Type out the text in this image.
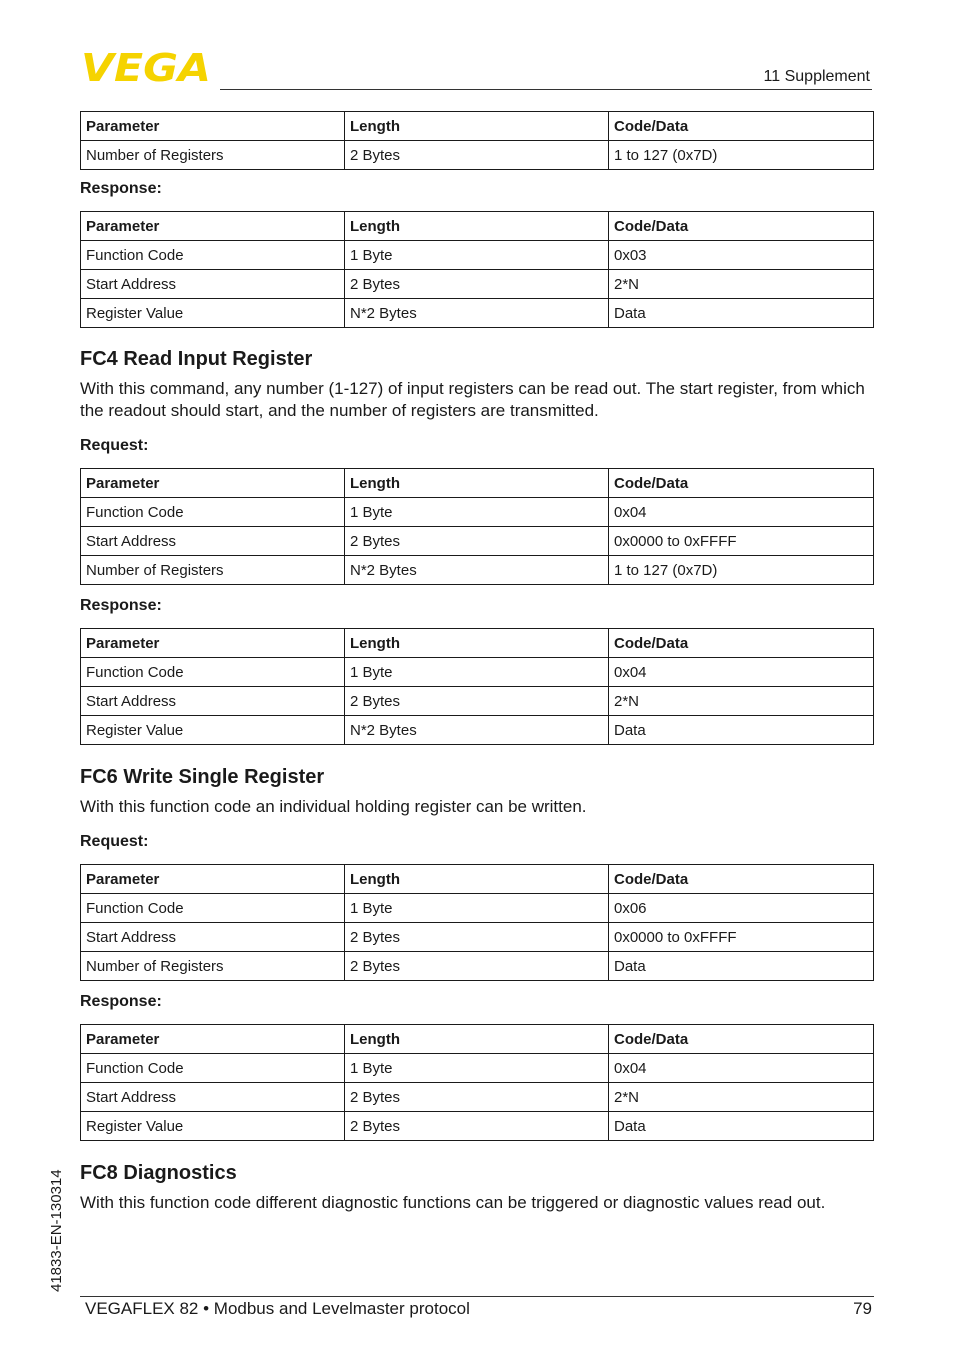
VEGA	11 Supplement
Parameter	Length	Code/Data
Number of Registers	2 Bytes	1 to 127 (0x7D)
Response:
Parameter	Length	Code/Data
Function Code	1 Byte	0x03
Start Address	2 Bytes	2*N
Register Value	N*2 Bytes	Data
FC4 Read Input Register
With this command, any number (1-127) of input registers can be read out. The start register, from which the readout should start, and the number of registers are transmitted.
Request:
Parameter	Length	Code/Data
Function Code	1 Byte	0x04
Start Address	2 Bytes	0x0000 to 0xFFFF
Number of Registers	N*2 Bytes	1 to 127 (0x7D)
Response:
Parameter	Length	Code/Data
Function Code	1 Byte	0x04
Start Address	2 Bytes	2*N
Register Value	N*2 Bytes	Data
FC6 Write Single Register
With this function code an individual holding register can be written.
Request:
Parameter	Length	Code/Data
Function Code	1 Byte	0x06
Start Address	2 Bytes	0x0000 to 0xFFFF
Number of Registers	2 Bytes	Data
Response:
Parameter	Length	Code/Data
Function Code	1 Byte	0x04
Start Address	2 Bytes	2*N
Register Value	2 Bytes	Data
FC8 Diagnostics
With this function code different diagnostic functions can be triggered or diagnostic values read out.
41833-EN-130314
VEGAFLEX 82 • Modbus and Levelmaster protocol	79
